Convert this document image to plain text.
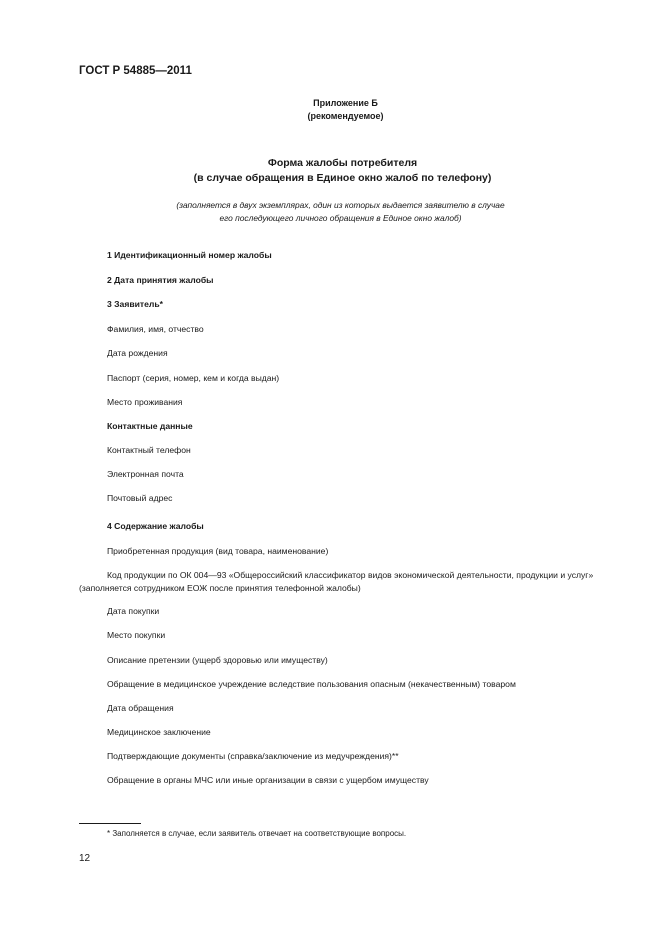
ГОСТ Р 54885—2011
Приложение Б
(рекомендуемое)
Форма жалобы потребителя
(в случае обращения в Единое окно жалоб по телефону)
(заполняется в двух экземплярах, один из которых выдается заявителю в случае
его последующего личного обращения в Единое окно жалоб)
1 Идентификационный номер жалобы
2 Дата принятия жалобы
3 Заявитель*
Фамилия, имя, отчество
Дата рождения
Паспорт (серия, номер, кем и когда выдан)
Место проживания
Контактные данные
Контактный телефон
Электронная почта
Почтовый адрес
4 Содержание жалобы
Приобретенная продукция (вид товара, наименование)
Код продукции по ОК 004—93 «Общероссийский классификатор видов экономической деятельности, продукции и услуг» (заполняется сотрудником ЕОЖ после принятия телефонной жалобы)
Дата покупки
Место покупки
Описание претензии (ущерб здоровью или имуществу)
Обращение в медицинское учреждение вследствие пользования опасным (некачественным) товаром
Дата обращения
Медицинское заключение
Подтверждающие документы (справка/заключение из медучреждения)**
Обращение в органы МЧС или иные организации в связи с ущербом имуществу
* Заполняется в случае, если заявитель отвечает на соответствующие вопросы.
12
